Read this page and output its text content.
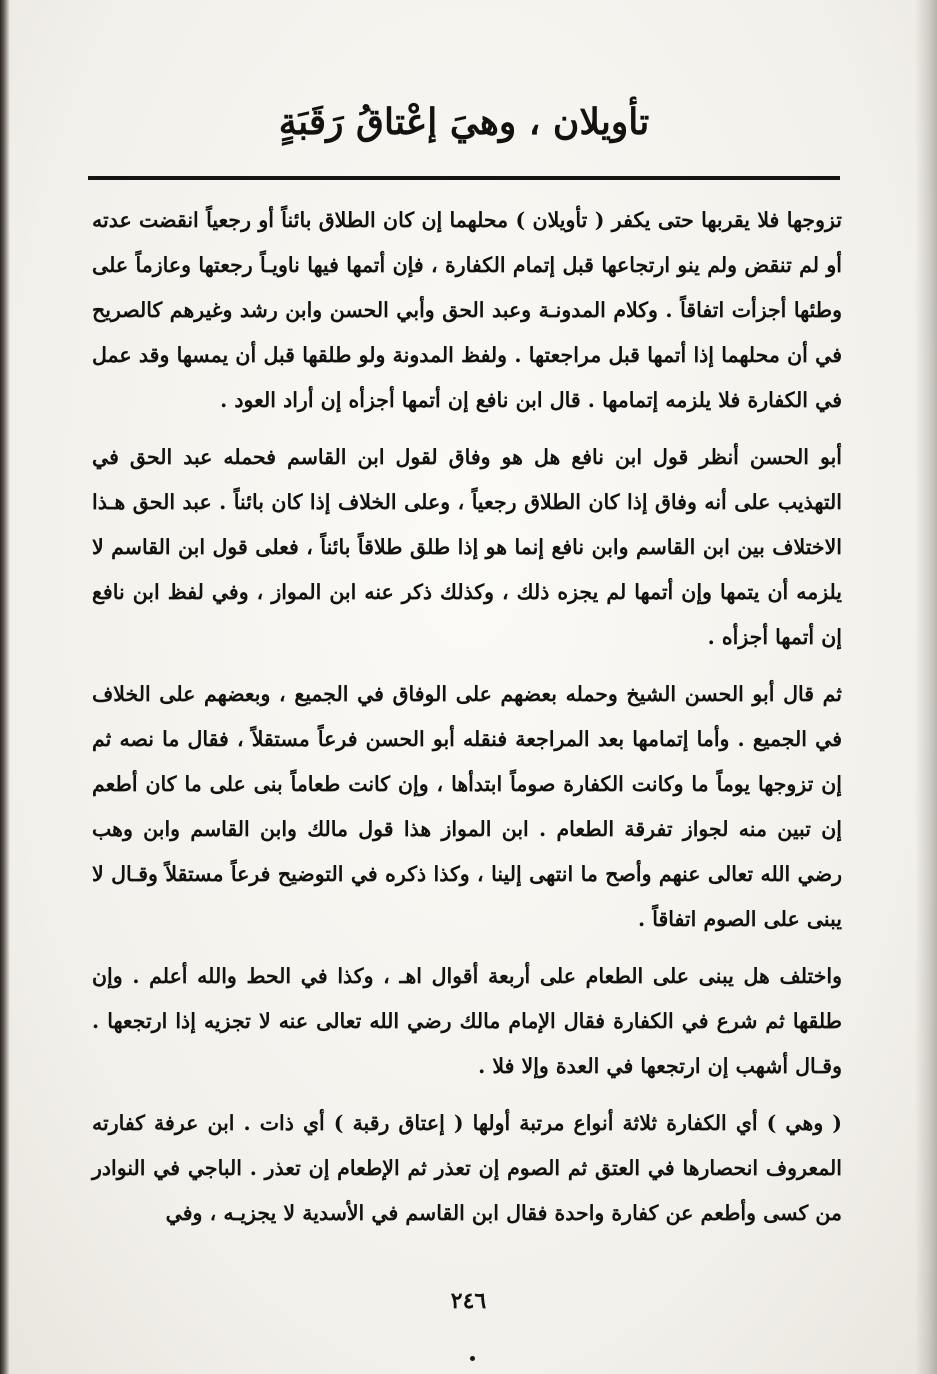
تأويلان ، وهيَ إعْتاقُ رَقَبَةٍ

تزوجها فلا يقربها حتى يكفر ( تأويلان ) محلهما إن كان الطلاق بائناً أو رجعياً انقضت عدته أو لم تنقض ولم ينو ارتجاعها قبل إتمام الكفارة ، فإن أتمها فيها ناويـاً رجعتها وعازماً على وطئها أجزأت اتفاقاً . وكلام المدونـة وعبد الحق وأبي الحسن وابن رشد وغيرهم كالصريح في أن محلهما إذا أتمها قبل مراجعتها . ولفظ المدونة ولو طلقها قبل أن يمسها وقد عمل في الكفارة فلا يلزمه إتمامها . قال ابن نافع إن أتمها أجزأه إن أراد العود .

أبو الحسن أنظر قول ابن نافع هل هو وفاق لقول ابن القاسم فحمله عبد الحق في التهذيب على أنه وفاق إذا كان الطلاق رجعياً ، وعلى الخلاف إذا كان بائناً . عبد الحق هـذا الاختلاف بين ابن القاسم وابن نافع إنما هو إذا طلق طلاقاً بائناً ، فعلى قول ابن القاسم لا يلزمه أن يتمها وإن أتمها لم يجزه ذلك ، وكذلك ذكر عنه ابن المواز ، وفي لفظ ابن نافع إن أتمها أجزأه .

ثم قال أبو الحسن الشيخ وحمله بعضهم على الوفاق في الجميع ، وبعضهم على الخلاف في الجميع . وأما إتمامها بعد المراجعة فنقله أبو الحسن فرعاً مستقلاً ، فقال ما نصه ثم إن تزوجها يوماً ما وكانت الكفارة صوماً ابتدأها ، وإن كانت طعاماً بنى على ما كان أطعم إن تبين منه لجواز تفرقة الطعام . ابن المواز هذا قول مالك وابن القاسم وابن وهب رضي الله تعالى عنهم وأصح ما انتهى إلينا ، وكذا ذكره في التوضيح فرعاً مستقلاً وقـال لا يبنى على الصوم اتفاقاً .

واختلف هل يبنى على الطعام على أربعة أقوال اهـ ، وكذا في الحط والله أعلم . وإن طلقها ثم شرع في الكفارة فقال الإمام مالك رضي الله تعالى عنه لا تجزيه إذا ارتجعها . وقـال أشهب إن ارتجعها في العدة وإلا فلا .

( وهي ) أي الكفارة ثلاثة أنواع مرتبة أولها ( إعتاق رقبة ) أي ذات . ابن عرفة كفارته المعروف انحصارها في العتق ثم الصوم إن تعذر ثم الإطعام إن تعذر . الباجي في النوادر من كسى وأطعم عن كفارة واحدة فقال ابن القاسم في الأسدية لا يجزيـه ، وفي

٢٤٦
